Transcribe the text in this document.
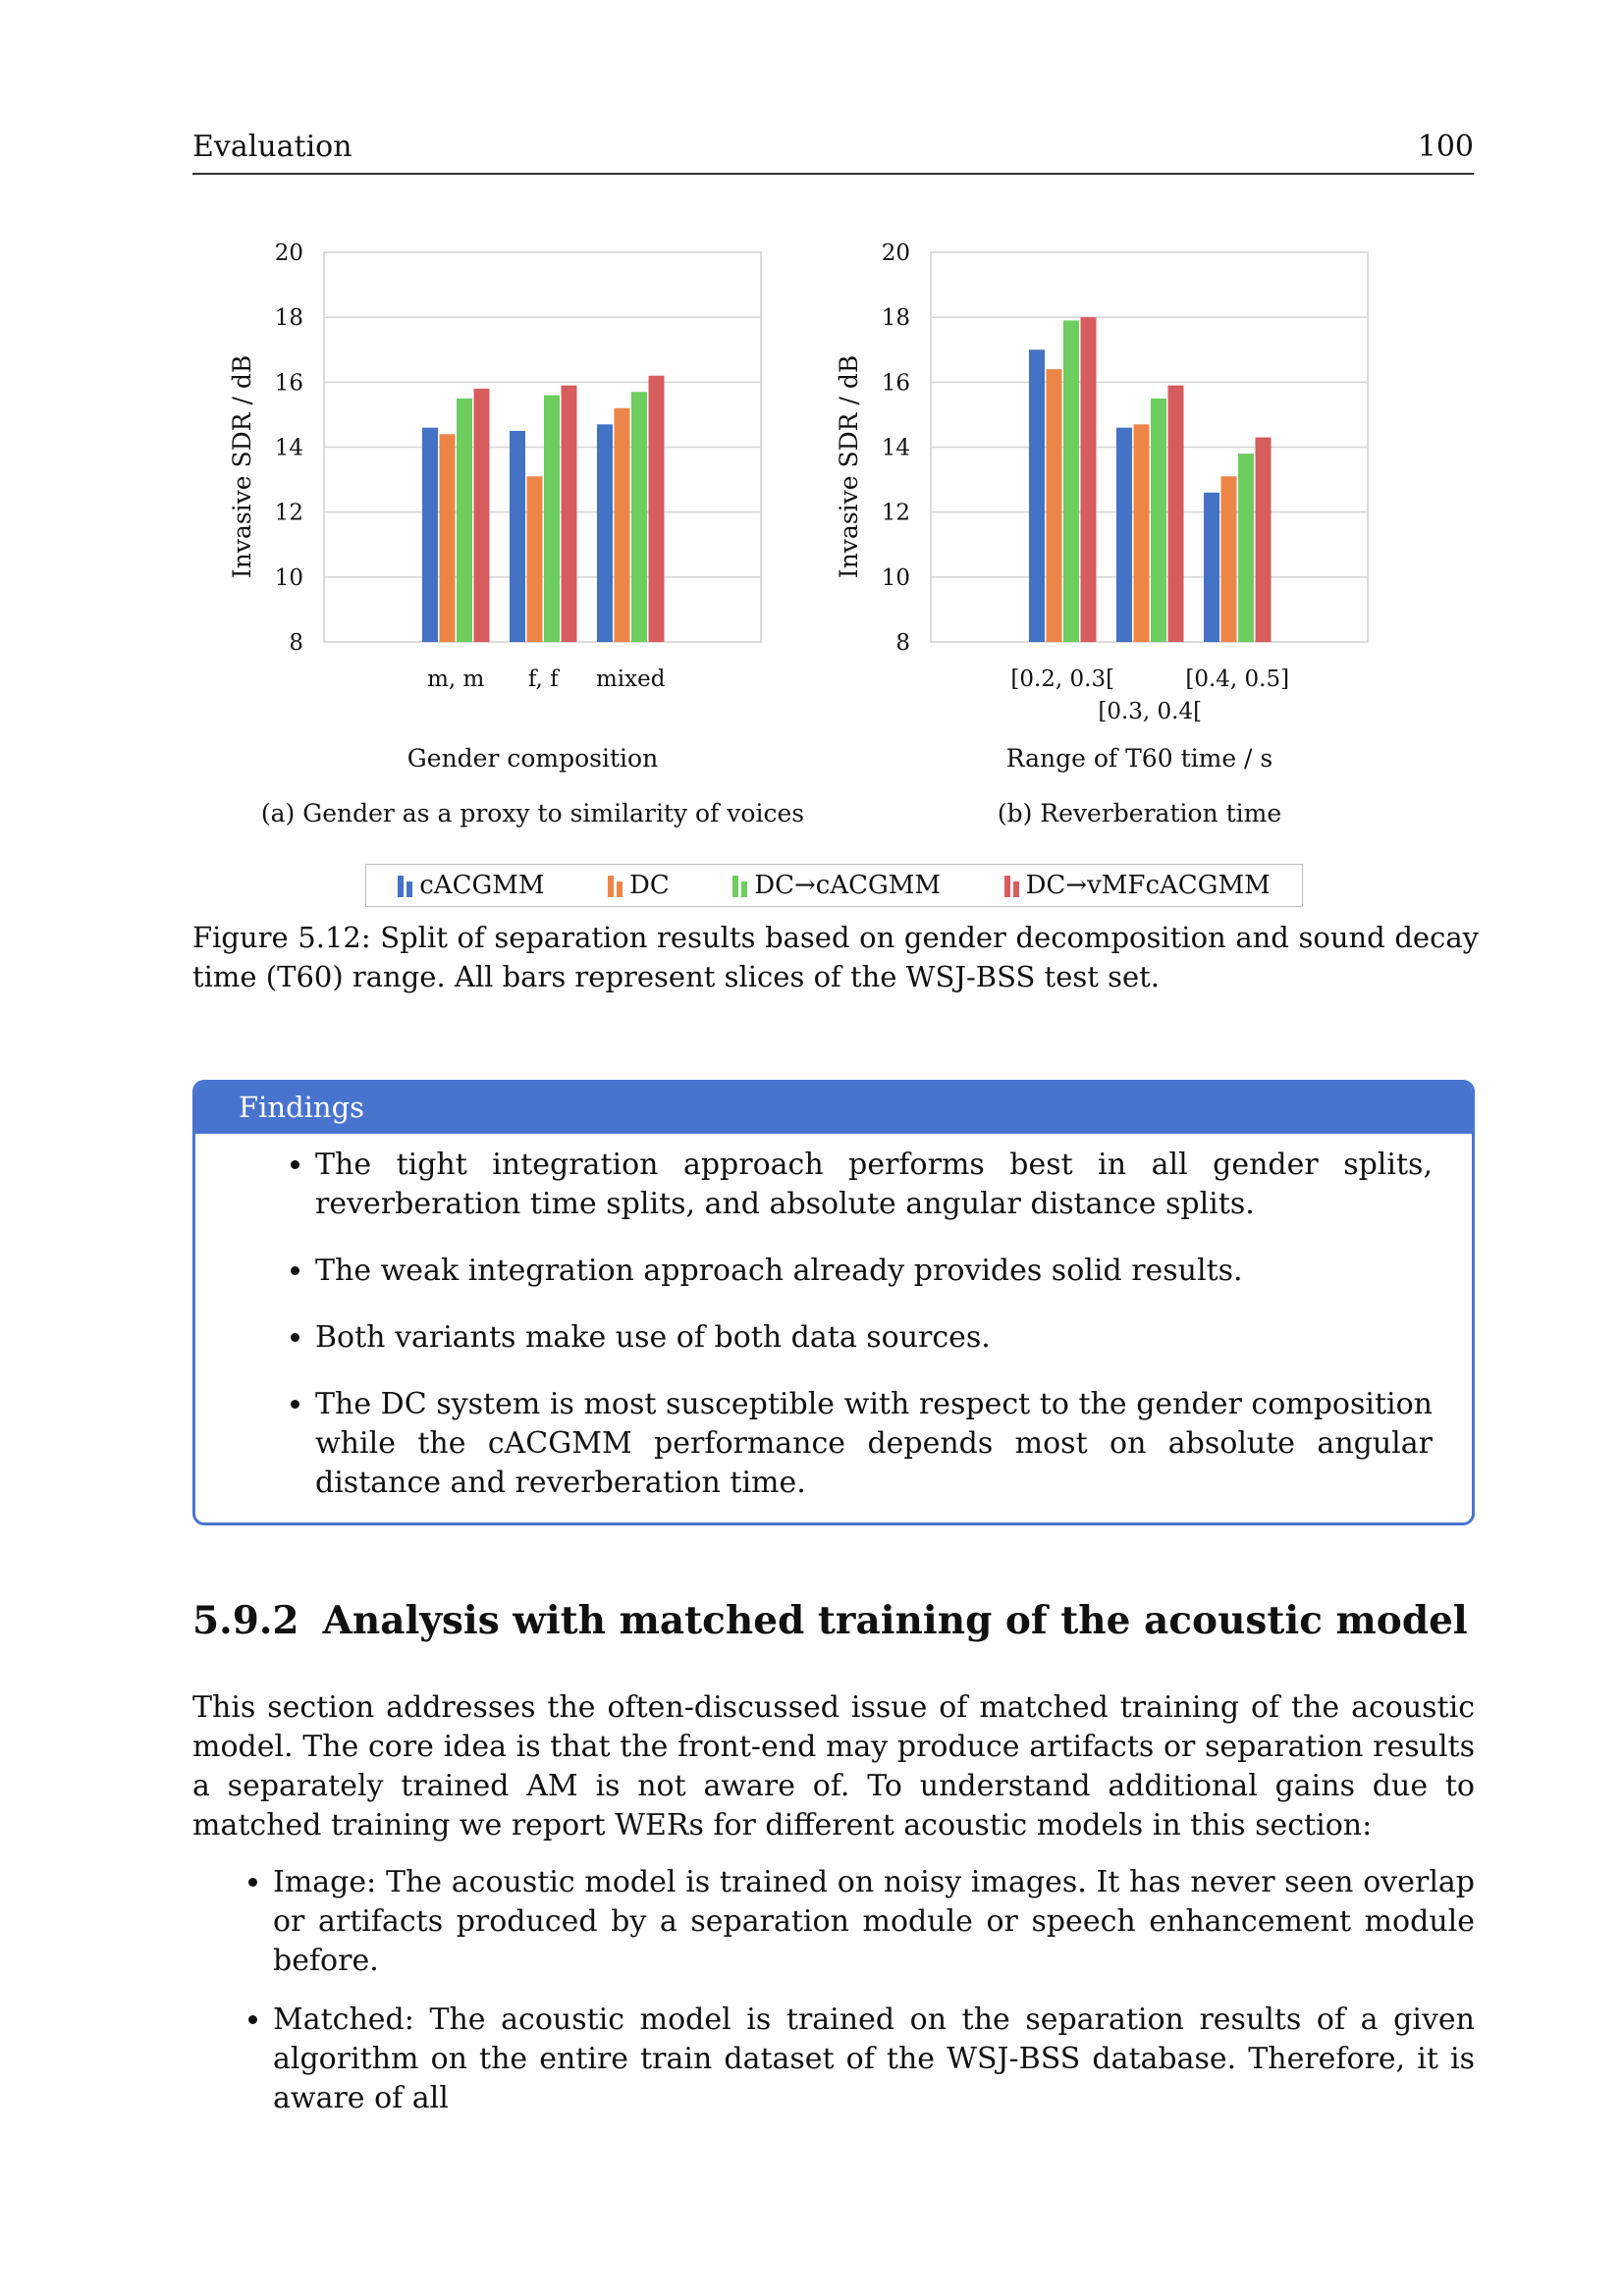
Evaluation	100
20
18
16
14
12
10
8
m, m f, f mixed
Invasive SDR / dB
Gender composition
(a) Gender as a proxy to similarity of voices
20
18
16
14
12
10
8
[0.2, 0.3[
[0.3, 0.4[
[0.4, 0.5]
Invasive SDR / dB
Range of T60 time / s
(b) Reverberation time
cACGMM	DC	DC→cACGMM	DC→vMFcACGMM
Figure 5.12: Split of separation results based on gender decomposition and sound decay time (T60) range. All bars represent slices of the WSJ-BSS test set.
Findings
• The tight integration approach performs best in all gender splits, reverberation time splits, and absolute angular distance splits.
• The weak integration approach already provides solid results.
• Both variants make use of both data sources.
• The DC system is most susceptible with respect to the gender composition while the cACGMM performance depends most on absolute angular distance and reverberation time.
5.9.2 Analysis with matched training of the acoustic model
This section addresses the often-discussed issue of matched training of the acoustic model. The core idea is that the front-end may produce artifacts or separation results a separately trained AM is not aware of. To understand additional gains due to matched training we report WERs for different acoustic models in this section:
• Image: The acoustic model is trained on noisy images. It has never seen overlap or artifacts produced by a separation module or speech enhancement module before.
• Matched: The acoustic model is trained on the separation results of a given algorithm on the entire train dataset of the WSJ-BSS database. Therefore, it is aware of all
